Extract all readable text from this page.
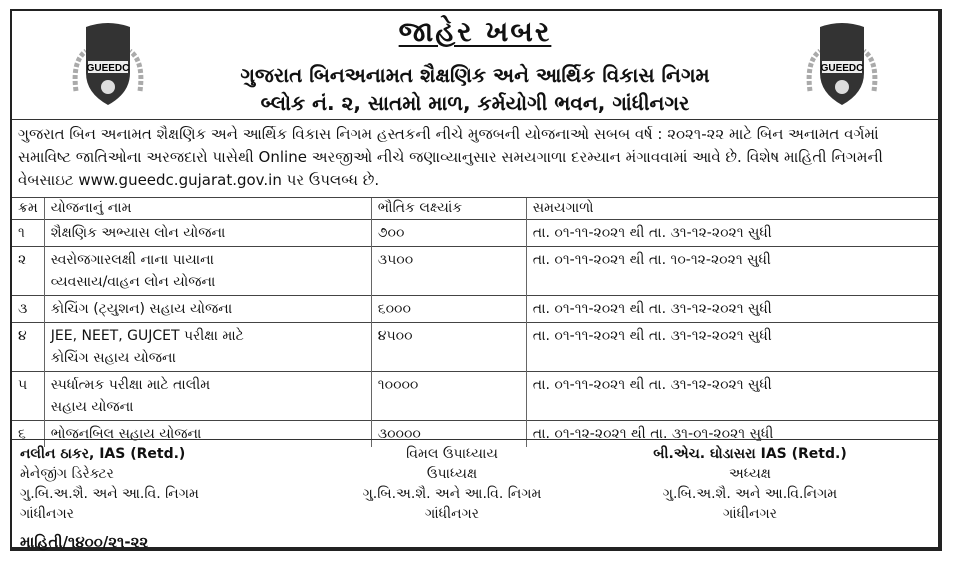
GUEEDC
જાહેર ખબર
ગુજરાત બિનઅનામત શૈક્ષણિક અને આર્થિક વિકાસ નિગમ
બ્લોક નં. ૨, સાતમો માળ, કર્મયોગી ભવન, ગાંધીનગર
GUEEDC
ગુજરાત બિન અનામત શૈક્ષણિક અને આર્થિક વિકાસ નિગમ હસ્તકની નીચે મુજબની યોજનાઓ સબબ વર્ષ : ૨૦૨૧-૨૨ માટે બિન અનામત વર્ગમાં સમાવિષ્ટ જાતિઓના અરજદારો પાસેથી Online અરજીઓ નીચે જણાવ્યાનુસાર સમયગાળા દરમ્યાન મંગાવવામાં આવે છે. વિશેષ માહિતી નિગમની વેબસાઇટ www.gueedc.gujarat.gov.in પર ઉપલબ્ધ છે.
ક્રમ	યોજનાનું નામ	ભૌતિક લક્ષ્યાંક	સમયગાળો
૧	શૈક્ષણિક અભ્યાસ લોન યોજના	૭૦૦	તા. ૦૧-૧૧-૨૦૨૧ થી તા. ૩૧-૧૨-૨૦૨૧ સુધી
૨	સ્વરોજગારલક્ષી નાના પાયાના વ્યવસાય/વાહન લોન યોજના	૩૫૦૦	તા. ૦૧-૧૧-૨૦૨૧ થી તા. ૧૦-૧૨-૨૦૨૧ સુધી
૩	કોચિંગ (ટ્યુશન) સહાય યોજના	૬૦૦૦	તા. ૦૧-૧૧-૨૦૨૧ થી તા. ૩૧-૧૨-૨૦૨૧ સુધી
૪	JEE, NEET, GUJCET પરીક્ષા માટે કોચિંગ સહાય યોજના	૪૫૦૦	તા. ૦૧-૧૧-૨૦૨૧ થી તા. ૩૧-૧૨-૨૦૨૧ સુધી
૫	સ્પર્ધાત્મક પરીક્ષા માટે તાલીમ સહાય યોજના	૧૦૦૦૦	તા. ૦૧-૧૧-૨૦૨૧ થી તા. ૩૧-૧૨-૨૦૨૧ સુધી
૬	ભોજનબિલ સહાય યોજના	૩૦૦૦૦	તા. ૦૧-૧૨-૨૦૨૧ થી તા. ૩૧-૦૧-૨૦૨૧ સુધી
નલીન ઠાકર, IAS (Retd.)
મેનેજીંગ ડિરેક્ટર
ગુ.બિ.અ.શૈ. અને આ.વિ. નિગમ
ગાંધીનગર
વિમલ ઉપાધ્યાય
ઉપાધ્યક્ષ
ગુ.બિ.અ.શૈ. અને આ.વિ. નિગમ
ગાંધીનગર
બી.એચ. ઘોડાસરા IAS (Retd.)
અધ્યક્ષ
ગુ.બિ.અ.શૈ. અને આ.વિ.નિગમ
ગાંધીનગર
માહિતી/૧૪૦૦/૨૧-૨૨
